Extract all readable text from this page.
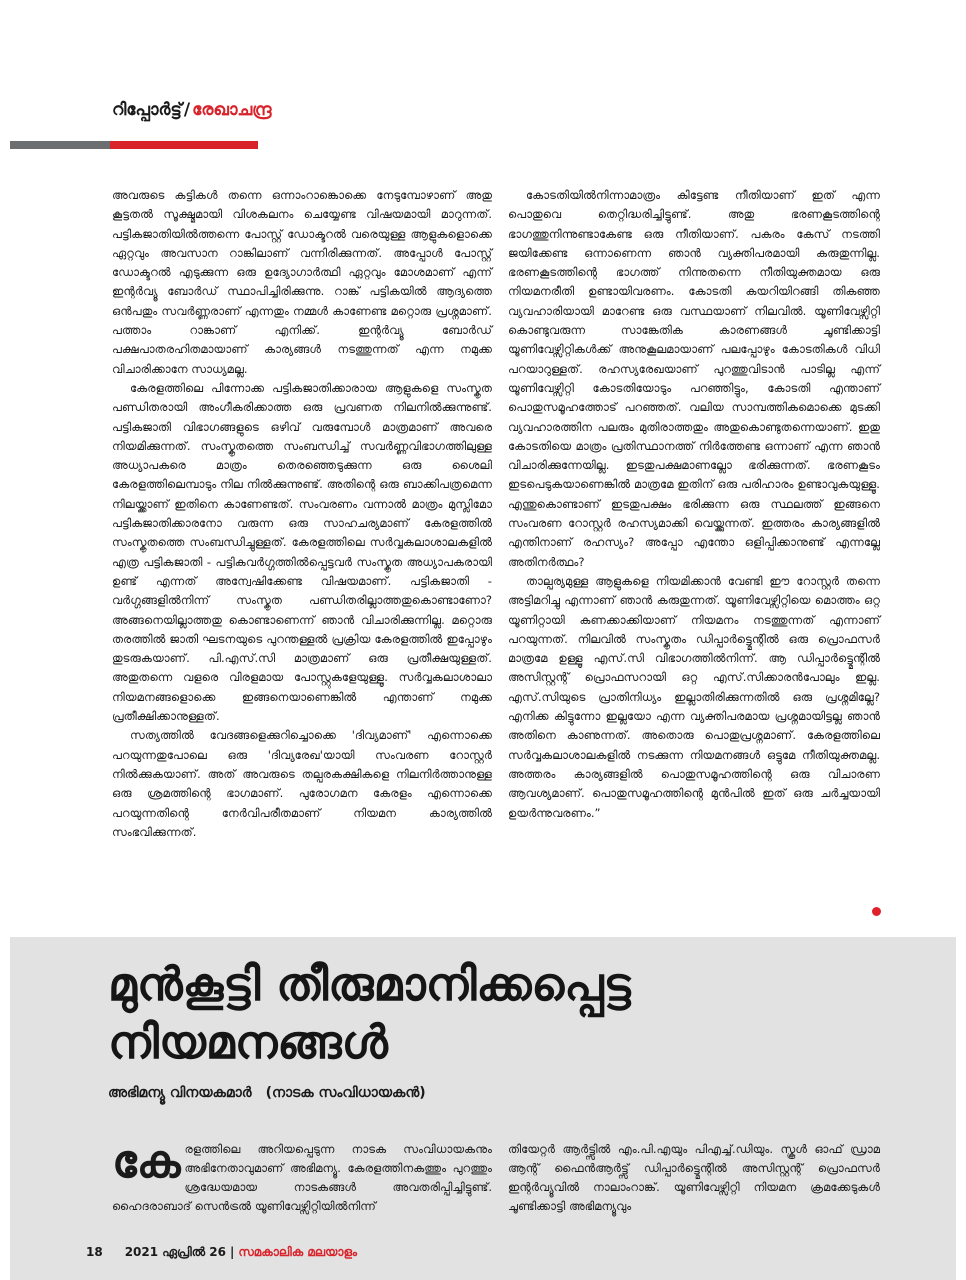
റിപ്പോർട്ട് / രേഖാചന്ദ്ര

അവരുടെ കട്ടികൾ തന്നെ ഒന്നാംറാങ്കൊക്കെ നേടുമ്പോഴാണ് അതു കൂട്ടതൽ സൂക്ഷ്മമായി വിശകലനം ചെയ്യേണ്ട വിഷയമായി മാറുന്നത്. പട്ടികജാതിയിൽത്തന്നെ പോസ്റ്റ് ഡോക്ടറൽ വരെയുള്ള ആളുകളൊക്കെ ഏറ്റവും അവസാന റാങ്കിലാണ് വന്നിരിക്കുന്നത്. അപ്പോൾ പോസ്റ്റ് ഡോക്ടറൽ എടുക്കുന്ന ഒരു ഉദ്യോഗാർത്ഥി ഏറ്റവും മോശമാണ് എന്ന് ഇന്റർവ്യൂ ബോർഡ് സ്ഥാപിച്ചിരിക്കുന്നു. റാങ്ക് പട്ടികയിൽ ആദ്യത്തെ ഒൻപതും സവർണ്ണരാണ് എന്നതും നമ്മൾ കാണേണ്ട മറ്റൊരു പ്രശ്നമാണ്. പത്താം റാങ്കാണ് എനിക്ക്. ഇന്റർവ്യൂ ബോർഡ് പക്ഷപാതരഹിതമായാണ് കാര്യങ്ങൾ നടത്തുന്നത് എന്ന നമുക്ക വിചാരിക്കാനേ സാധ്യമല്ല.

കേരളത്തിലെ പിന്നോക്ക പട്ടികജാതിക്കാരായ ആളുകളെ സംസ്കൃത പണ്ഡിതരായി അംഗീകരിക്കാത്ത ഒരു പ്രവണത നിലനിൽക്കുന്നുണ്ട്. പട്ടികജാതി വിഭാഗങ്ങളുടെ ഒഴിവ് വരുമ്പോൾ മാത്രമാണ് അവരെ നിയമിക്കുന്നത്. സംസ്കൃതത്തെ സംബന്ധിച്ച് സവർണ്ണവിഭാഗത്തിലുള്ള അധ്യാപകരെ മാത്രം തെരഞ്ഞെടുക്കുന്ന ഒരു ശൈലി കേരളത്തിലെമ്പാടും നില നിൽക്കുന്നുണ്ട്. അതിന്റെ ഒരു ബാക്കിപത്രമെന്ന നിലയ്ക്കാണ് ഇതിനെ കാണേണ്ടത്. സംവരണം വന്നാൽ മാത്രം മുസ്ലിമോ പട്ടികജാതിക്കാരനോ വരുന്ന ഒരു സാഹചര്യമാണ് കേരളത്തിൽ സംസ്കൃതത്തെ സംബന്ധിച്ചുള്ളത്. കേരളത്തിലെ സർവ്വകലാശാലകളിൽ എത്ര പട്ടികജാതി - പട്ടികവർഗ്ഗത്തിൽപ്പെട്ടവർ സംസ്കൃത അധ്യാപകരായി ഉണ്ട് എന്നത് അന്വേഷിക്കേണ്ട വിഷയമാണ്. പട്ടികജാതി - വർഗ്ഗങ്ങളിൽനിന്ന് സംസ്കൃത പണ്ഡിതരില്ലാത്തതുകൊണ്ടാണോ? അങ്ങനെയില്ലാത്തതു കൊണ്ടാണെന്ന് ഞാൻ വിചാരിക്കുന്നില്ല. മറ്റൊരു തരത്തിൽ ജാതി ഘടനയുടെ പുറന്തള്ളൽ പ്രക്രിയ കേരളത്തിൽ ഇപ്പോഴും തുടരുകയാണ്. പി.എസ്.സി മാത്രമാണ് ഒരു പ്രതീക്ഷയുള്ളത്. അതുതന്നെ വളരെ വിരളമായ പോസ്റ്റുകളേയുള്ളൂ. സർവ്വകലാശാലാ നിയമനങ്ങളൊക്കെ ഇങ്ങനെയാണെങ്കിൽ എന്താണ് നമുക്ക പ്രതീക്ഷിക്കാനുള്ളത്.

സത്യത്തിൽ വേദങ്ങളെക്കുറിച്ചൊക്കെ 'ദിവ്യമാണ്' എന്നൊക്കെ പറയുന്നതുപോലെ ഒരു 'ദിവ്യരേഖ'യായി സംവരണ റോസ്റ്റർ നിൽക്കുകയാണ്. അത് അവരുടെ തല്പരകക്ഷികളെ നിലനിർത്താനുള്ള ഒരു ശ്രമത്തിന്റെ ഭാഗമാണ്. പുരോഗമന കേരളം എന്നൊക്കെ പറയുന്നതിന്റെ നേർവിപരീതമാണ് നിയമന കാര്യത്തിൽ സംഭവിക്കുന്നത്.

കോടതിയിൽനിന്നാമാത്രം കിട്ടേണ്ട നീതിയാണ് ഇത് എന്ന പൊതുവെ തെറ്റിദ്ധരിച്ചിട്ടുണ്ട്. അതു ഭരണകൂടത്തിന്റെ ഭാഗത്തുനിന്നുണ്ടാകേണ്ട ഒരു നീതിയാണ്. പകരം കേസ് നടത്തി ജയിക്കേണ്ട ഒന്നാണെന്ന ഞാൻ വ്യക്തിപരമായി കരുതുന്നില്ല. ഭരണകൂടത്തിന്റെ ഭാഗത്ത് നിന്നുതന്നെ നീതിയുക്തമായ ഒരു നിയമനരീതി ഉണ്ടായിവരണം. കോടതി കയറിയിറങ്ങി തികഞ്ഞ വ്യവഹാരിയായി മാറേണ്ട ഒരു വസ്ഥയാണ് നിലവിൽ. യൂണിവേഴ്സിറ്റി കൊണ്ടുവരുന്ന സാങ്കേതിക കാരണങ്ങൾ ചൂണ്ടിക്കാട്ടി യൂണിവേഴ്സിറ്റികൾക്ക് അനുകൂലമായാണ് പലപ്പോഴും കോടതികൾ വിധി പറയാറുള്ളത്. രഹസ്യരേഖയാണ് പുറത്തുവിടാൻ പാടില്ല എന്ന് യൂണിവേഴ്സിറ്റി കോടതിയോടും പറഞ്ഞിട്ടും, കോടതി എന്താണ് പൊതുസമൂഹത്തോട് പറഞ്ഞത്. വലിയ സാമ്പത്തികമൊക്കെ മുടക്കി വ്യവഹാരത്തിന പലരും മുതിരാത്തതും അതുകൊണ്ടുതന്നെയാണ്. ഇതു കോടതിയെ മാത്രം പ്രതിസ്ഥാനത്ത് നിർത്തേണ്ട ഒന്നാണ് എന്ന ഞാൻ വിചാരിക്കുന്നേയില്ല. ഇടതുപക്ഷമാണല്ലോ ഭരിക്കുന്നത്. ഭരണകൂടം ഇടപെടുകയാണെങ്കിൽ മാത്രമേ ഇതിന് ഒരു പരിഹാരം ഉണ്ടാവുകയുള്ളൂ. എന്തുകൊണ്ടാണ് ഇടതുപക്ഷം ഭരിക്കുന്ന ഒരു സ്ഥലത്ത് ഇങ്ങനെ സംവരണ റോസ്റ്റർ രഹസ്യമാക്കി വെയ്ക്കുന്നത്. ഇത്തരം കാര്യങ്ങളിൽ എന്തിനാണ് രഹസ്യം? അപ്പോ എന്തോ ഒളിപ്പിക്കാനുണ്ട് എന്നല്ലേ അതിനർത്ഥം?

താല്പര്യമുള്ള ആളുകളെ നിയമിക്കാൻ വേണ്ടി ഈ റോസ്റ്റർ തന്നെ അട്ടിമറിച്ചു എന്നാണ് ഞാൻ കരുതുന്നത്. യൂണിവേഴ്സിറ്റിയെ മൊത്തം ഒറ്റ യൂണിറ്റായി കണക്കാക്കിയാണ് നിയമനം നടത്തുന്നത് എന്നാണ് പറയുന്നത്. നിലവിൽ സംസ്കൃതം ഡിപ്പാർട്ട്മെന്റിൽ ഒരു പ്രൊഫസർ മാത്രമേ ഉള്ളൂ എസ്.സി വിഭാഗത്തിൽനിന്ന്. ആ ഡിപ്പാർട്ട്മെന്റിൽ അസിസ്റ്റന്റ് പ്രൊഫസറായി ഒറ്റ എസ്.സിക്കാരൻപോലും ഇല്ല. എസ്.സിയുടെ പ്രാതിനിധ്യം ഇല്ലാതിരിക്കുന്നതിൽ ഒരു പ്രശ്നമില്ലേ? എനിക്ക കിട്ടുന്നോ ഇല്ലയോ എന്ന വ്യക്തിപരമായ പ്രശ്നമായിട്ടല്ല ഞാൻ അതിനെ കാണുന്നത്. അതൊരു പൊതുപ്രശ്നമാണ്. കേരളത്തിലെ സർവ്വകലാശാലകളിൽ നടക്കുന്ന നിയമനങ്ങൾ ഒട്ടുമേ നീതിയുക്തമല്ല. അത്തരം കാര്യങ്ങളിൽ പൊതുസമൂഹത്തിന്റെ ഒരു വിചാരണ ആവശ്യമാണ്. പൊതുസമൂഹത്തിന്റെ മുൻപിൽ ഇത് ഒരു ചർച്ചയായി ഉയർന്നുവരണം.”

മുൻകൂട്ടി തീരുമാനിക്കപ്പെട്ട നിയമനങ്ങൾ
അഭിമന്യൂ വിനയകമാർ (നാടക സംവിധായകൻ)
കേരളത്തിലെ അറിയപ്പെടുന്ന നാടക സംവിധായകനും അഭിനേതാവുമാണ് അഭിമന്യൂ. കേരളത്തിനകത്തും പുറത്തും ശ്രദ്ധേയമായ നാടകങ്ങൾ അവതരിപ്പിച്ചിട്ടുണ്ട്. ഹൈദരാബാദ് സെൻട്രൽ യൂണിവേഴ്സിറ്റിയിൽനിന്ന്
തിയേറ്റർ ആർട്ട്സിൽ എം.പി.എയും പിഎച്ച്.ഡിയും. സ്കൂൾ ഓഫ് ഡ്രാമ ആന്റ് ഫൈൻആർട്ട്സ് ഡിപ്പാർട്ട്മെന്റിൽ അസിസ്റ്റന്റ് പ്രൊഫസർ ഇന്റർവ്യൂവിൽ നാലാംറാങ്ക്. യൂണിവേഴ്സിറ്റി നിയമന ക്രമക്കേടുകൾ ചൂണ്ടിക്കാട്ടി അഭിമന്യൂവും
18 2021 ഏപ്രിൽ 26 | സമകാലിക മലയാളം
